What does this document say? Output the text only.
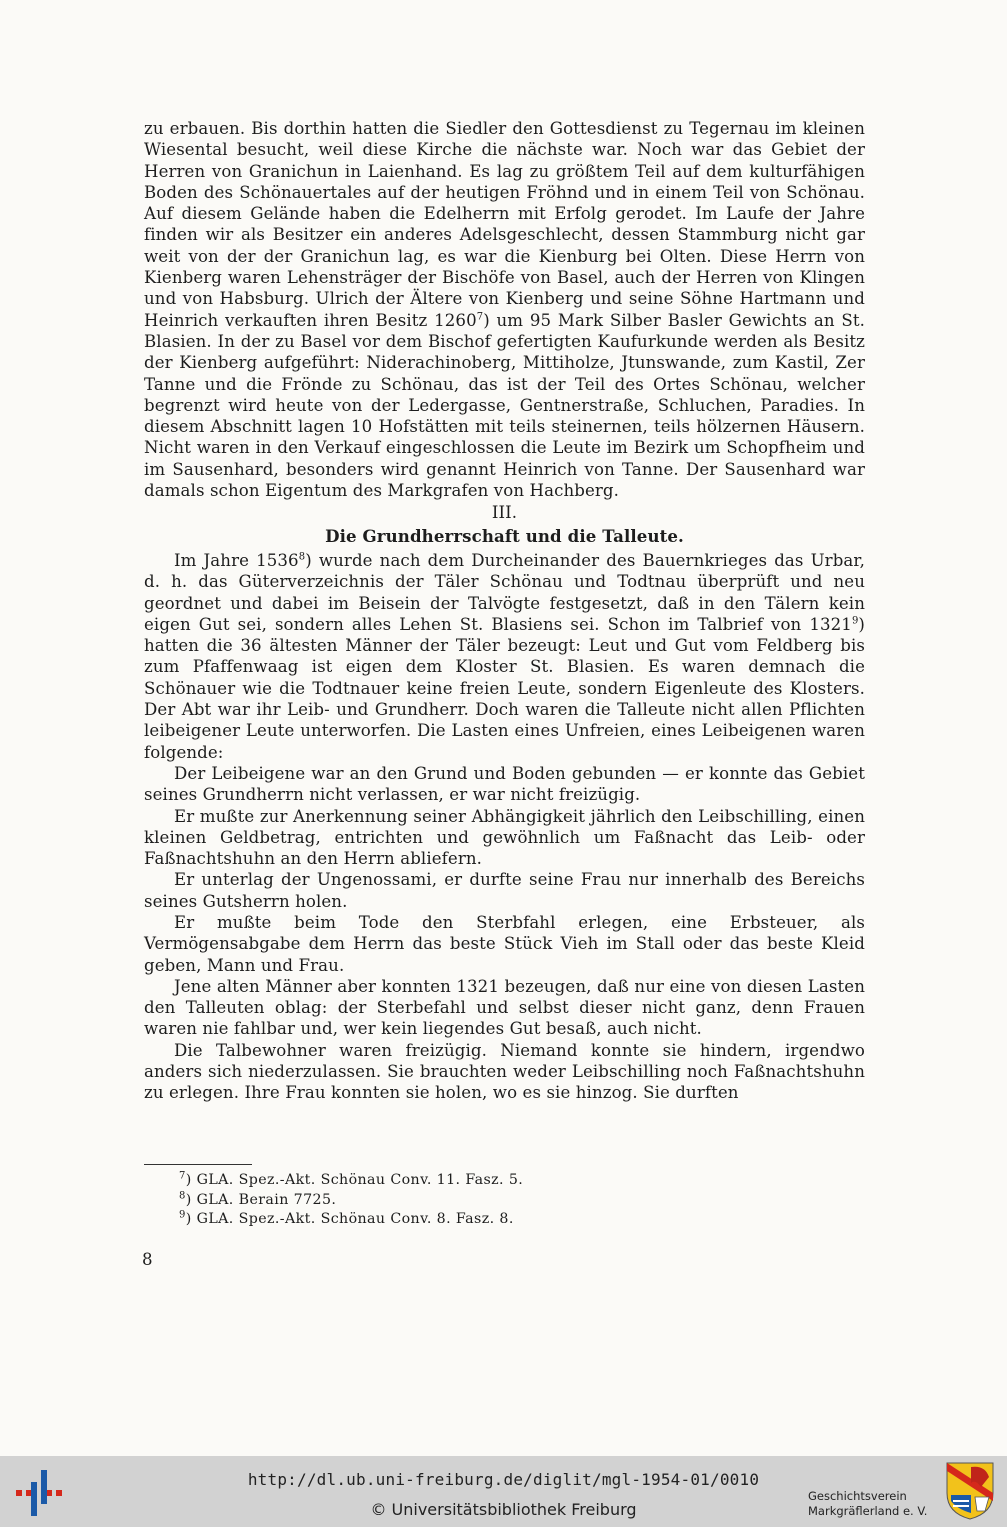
zu erbauen. Bis dorthin hatten die Siedler den Gottesdienst zu Tegernau im kleinen Wiesental besucht, weil diese Kirche die nächste war. Noch war das Gebiet der Herren von Granichun in Laienhand. Es lag zu größtem Teil auf dem kulturfähigen Boden des Schönauertales auf der heutigen Fröhnd und in einem Teil von Schönau. Auf diesem Gelände haben die Edelherrn mit Erfolg gerodet. Im Laufe der Jahre finden wir als Besitzer ein anderes Adelsgeschlecht, dessen Stammburg nicht gar weit von der der Granichun lag, es war die Kienburg bei Olten. Diese Herrn von Kienberg waren Lehensträger der Bischöfe von Basel, auch der Herren von Klingen und von Habsburg. Ulrich der Ältere von Kienberg und seine Söhne Hartmann und Heinrich verkauften ihren Besitz 1260$^7$) um 95 Mark Silber Basler Gewichts an St. Blasien. In der zu Basel vor dem Bischof gefertigten Kaufurkunde werden als Besitz der Kienberg aufgeführt: Niderachinoberg, Mittiholze, Jtunswande, zum Kastil, Zer Tanne und die Frönde zu Schönau, das ist der Teil des Ortes Schönau, welcher begrenzt wird heute von der Ledergasse, Gentnerstraße, Schluchen, Paradies. In diesem Abschnitt lagen 10 Hofstätten mit teils steinernen, teils hölzernen Häusern. Nicht waren in den Verkauf eingeschlossen die Leute im Bezirk um Schopfheim und im Sausenhard, besonders wird genannt Heinrich von Tanne. Der Sausenhard war damals schon Eigentum des Markgrafen von Hachberg.

III.
Die Grundherrschaft und die Talleute.

Im Jahre 1536$^8$) wurde nach dem Durcheinander des Bauernkrieges das Urbar, d. h. das Güterverzeichnis der Täler Schönau und Todtnau überprüft und neu geordnet und dabei im Beisein der Talvögte festgesetzt, daß in den Tälern kein eigen Gut sei, sondern alles Lehen St. Blasiens sei. Schon im Talbrief von 1321$^9$) hatten die 36 ältesten Männer der Täler bezeugt: Leut und Gut vom Feldberg bis zum Pfaffenwaag ist eigen dem Kloster St. Blasien. Es waren demnach die Schönauer wie die Todtnauer keine freien Leute, sondern Eigenleute des Klosters. Der Abt war ihr Leib- und Grundherr. Doch waren die Talleute nicht allen Pflichten leibeigener Leute unterworfen. Die Lasten eines Unfreien, eines Leibeigenen waren folgende:

Der Leibeigene war an den Grund und Boden gebunden — er konnte das Gebiet seines Grundherrn nicht verlassen, er war nicht freizügig.

Er mußte zur Anerkennung seiner Abhängigkeit jährlich den Leibschilling, einen kleinen Geldbetrag, entrichten und gewöhnlich um Faßnacht das Leib- oder Faßnachtshuhn an den Herrn abliefern.

Er unterlag der Ungenossami, er durfte seine Frau nur innerhalb des Bereichs seines Gutsherrn holen.

Er mußte beim Tode den Sterbfahl erlegen, eine Erbsteuer, als Vermögensabgabe dem Herrn das beste Stück Vieh im Stall oder das beste Kleid geben, Mann und Frau.

Jene alten Männer aber konnten 1321 bezeugen, daß nur eine von diesen Lasten den Talleuten oblag: der Sterbefahl und selbst dieser nicht ganz, denn Frauen waren nie fahlbar und, wer kein liegendes Gut besaß, auch nicht.

Die Talbewohner waren freizügig. Niemand konnte sie hindern, irgendwo anders sich niederzulassen. Sie brauchten weder Leibschilling noch Faßnachtshuhn zu erlegen. Ihre Frau konnten sie holen, wo es sie hinzog. Sie durften

$^7$) GLA. Spez.-Akt. Schönau Conv. 11. Fasz. 5.
$^8$) GLA. Berain 7725.
$^9$) GLA. Spez.-Akt. Schönau Conv. 8. Fasz. 8.
8
http://dl.ub.uni-freiburg.de/diglit/mgl-1954-01/0010
© Universitätsbibliothek Freiburg
Geschichtsverein
Markgräflerland e. V.
